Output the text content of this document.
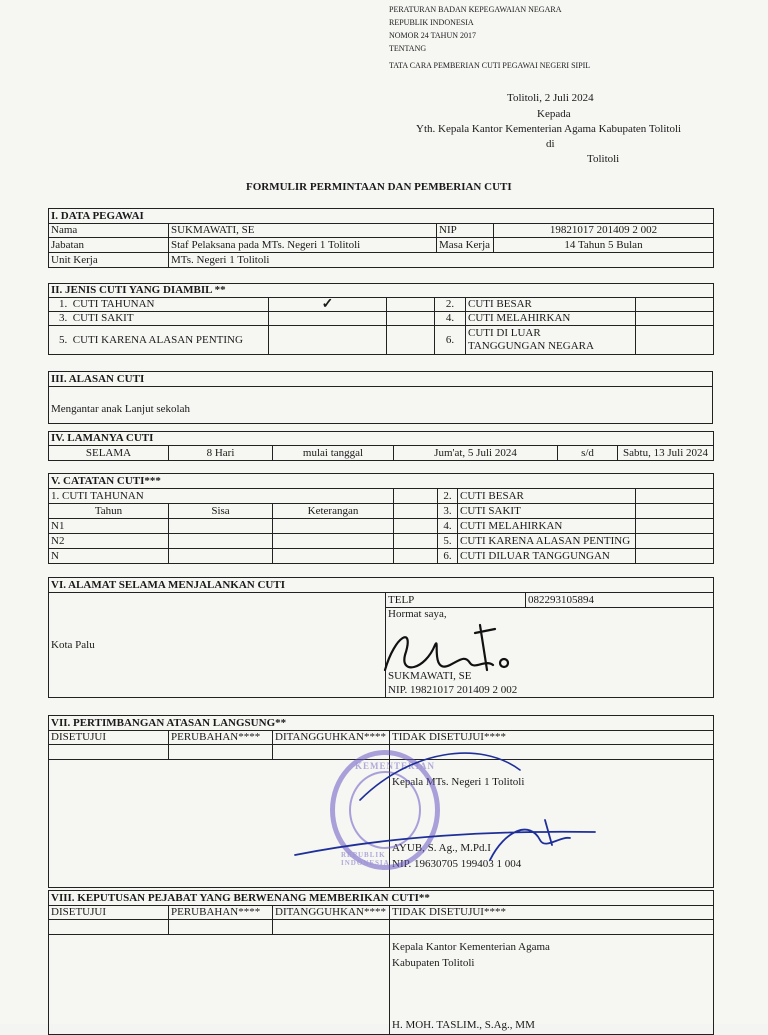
PERATURAN BADAN KEPEGAWAIAN NEGARA
REPUBLIK INDONESIA
NOMOR 24 TAHUN 2017
TENTANG
TATA CARA PEMBERIAN CUTI PEGAWAI NEGERI SIPIL
Tolitoli, 2 Juli 2024
Kepada
Yth. Kepala Kantor Kementerian Agama Kabupaten Tolitoli
di
Tolitoli
FORMULIR PERMINTAAN DAN PEMBERIAN CUTI
I. DATA PEGAWAI			
Nama	SUKMAWATI, SE	NIP	19821017 201409 2 002
Jabatan	Staf Pelaksana pada MTs. Negeri 1 Tolitoli	Masa Kerja	14 Tahun 5 Bulan
Unit Kerja	MTs. Negeri 1 Tolitoli		
II. JENIS CUTI YANG DIAMBIL **					
1. CUTI TAHUNAN	✓		2.	CUTI BESAR	
3. CUTI SAKIT			4.	CUTI MELAHIRKAN	
5. CUTI KARENA ALASAN PENTING			6.	CUTI DI LUAR
TANGGUNGAN NEGARA	

III. ALASAN CUTI
Mengantar anak Lanjut sekolah
IV. LAMANYA CUTI
SELAMA	8 Hari	mulai tanggal	Jum'at, 5 Juli 2024	s/d	Sabtu, 13 Juli 2024
V. CATATAN CUTI***						
1. CUTI TAHUNAN				2.	CUTI BESAR	
Tahun	Sisa	Keterangan		3.	CUTI SAKIT	
N1				4.	CUTI MELAHIRKAN	
N2				5.	CUTI KARENA ALASAN PENTING	
N				6.	CUTI DILUAR TANGGUNGAN	
VI. ALAMAT SELAMA MENJALANKAN CUTI
Kota Palu	TELP	082293105894

Hormat saya,
SUKMAWATI, SE
NIP. 19821017 201409 2 002
VII. PERTIMBANGAN ATASAN LANGSUNG**			
DISETUJUI	PERUBAHAN****	DITANGGUHKAN****	TIDAK DISETUJUI****

			Kepala MTs. Negeri 1 Tolitoli
AYUB, S. Ag., M.Pd.I
NIP. 19630705 199403 1 004
VIII. KEPUTUSAN PEJABAT YANG BERWENANG MEMBERIKAN CUTI**			
DISETUJUI	PERUBAHAN****	DITANGGUHKAN****	TIDAK DISETUJUI****

			Kepala Kantor Kementerian Agama
Kabupaten Tolitoli
H. MOH. TASLIM., S.Ag., MM
KEMENTERIAN
REPUBLIK INDONESIA
